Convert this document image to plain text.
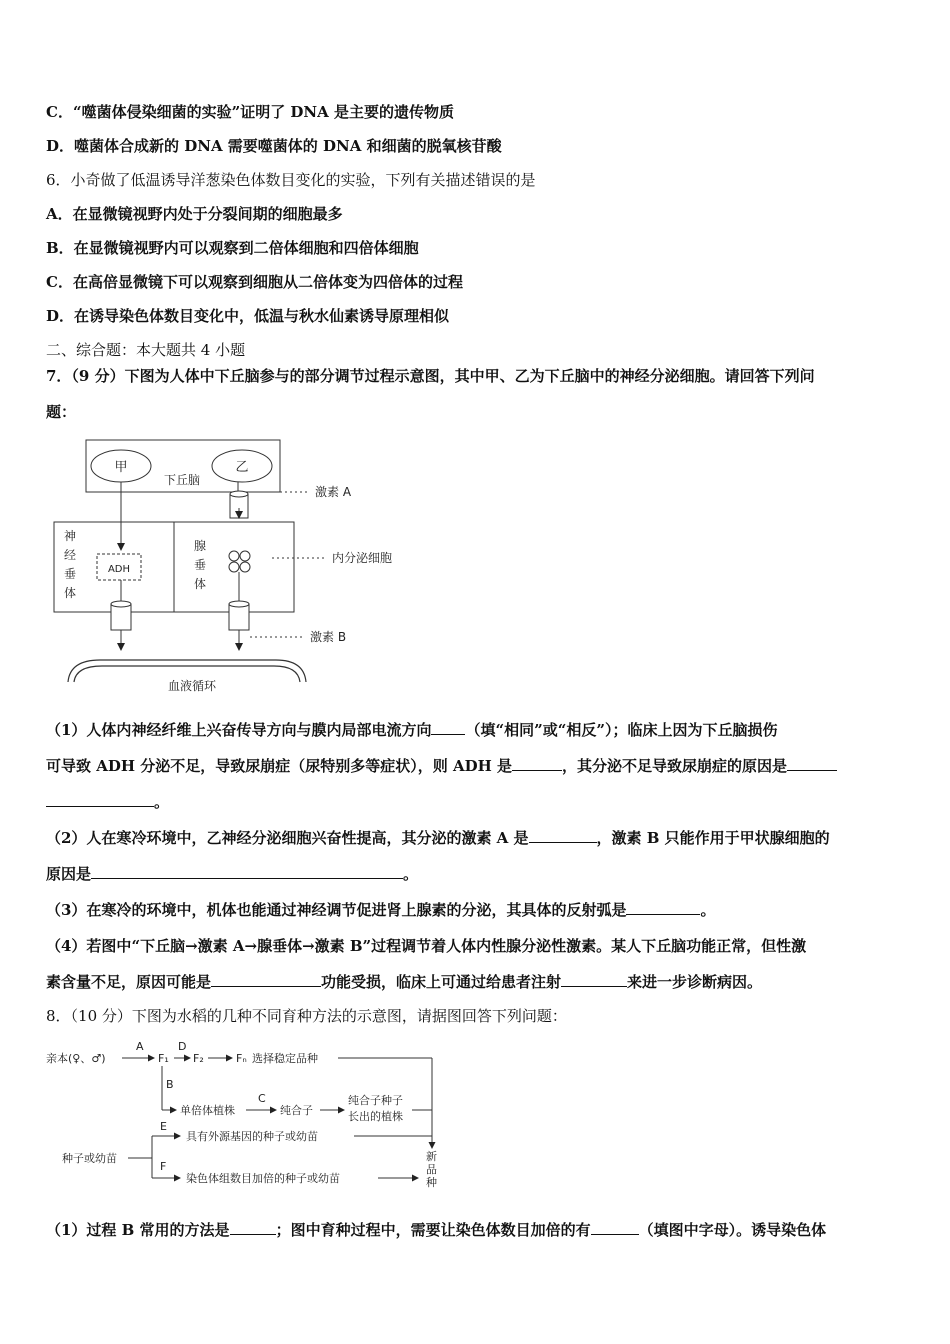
C．“噬菌体侵染细菌的实验”证明了 DNA 是主要的遗传物质
D．噬菌体合成新的 DNA 需要噬菌体的 DNA 和细菌的脱氧核苷酸
6．小奇做了低温诱导洋葱染色体数目变化的实验，下列有关描述错误的是
A．在显微镜视野内处于分裂间期的细胞最多
B．在显微镜视野内可以观察到二倍体细胞和四倍体细胞
C．在高倍显微镜下可以观察到细胞从二倍体变为四倍体的过程
D．在诱导染色体数目变化中，低温与秋水仙素诱导原理相似
二、综合题：本大题共 4 小题
7．（9 分）下图为人体中下丘脑参与的部分调节过程示意图，其中甲、乙为下丘脑中的神经分泌细胞。请回答下列问
题：
甲	乙
下丘脑
激素 A
神
经
垂
体
腺
垂
体
ADH
内分泌细胞
激素 B
血液循环
（1）人体内神经纤维上兴奋传导方向与膜内局部电流方向 （填“相同”或“相反”）；临床上因为下丘脑损伤
可导致 ADH 分泌不足，导致尿崩症（尿特别多等症状），则 ADH 是	，其分泌不足导致尿崩症的原因是
。
（2）人在寒冷环境中，乙神经分泌细胞兴奋性提高，其分泌的激素 A 是	，激素 B 只能作用于甲状腺细胞的
原因是	。
（3）在寒冷的环境中，机体也能通过神经调节促进肾上腺素的分泌，其具体的反射弧是	。
（4）若图中“下丘脑→激素 A→腺垂体→激素 B”过程调节着人体内性腺分泌性激素。某人下丘脑功能正常，但性激
素含量不足，原因可能是	功能受损，临床上可通过给患者注射	来进一步诊断病因。
8．（10 分）下图为水稻的几种不同育种方法的示意图，请据图回答下列问题：
亲本(♀、♂)
A
F₁
D
F₂	Fₙ 选择稳定品种
B
单倍体植株
C
纯合子
纯合子种子
长出的植株
种子或幼苗
E
具有外源基因的种子或幼苗
F
染色体组数目加倍的种子或幼苗
新
品
种
（1）过程 B 常用的方法是	；图中育种过程中，需要让染色体数目加倍的有	（填图中字母）。诱导染色体
